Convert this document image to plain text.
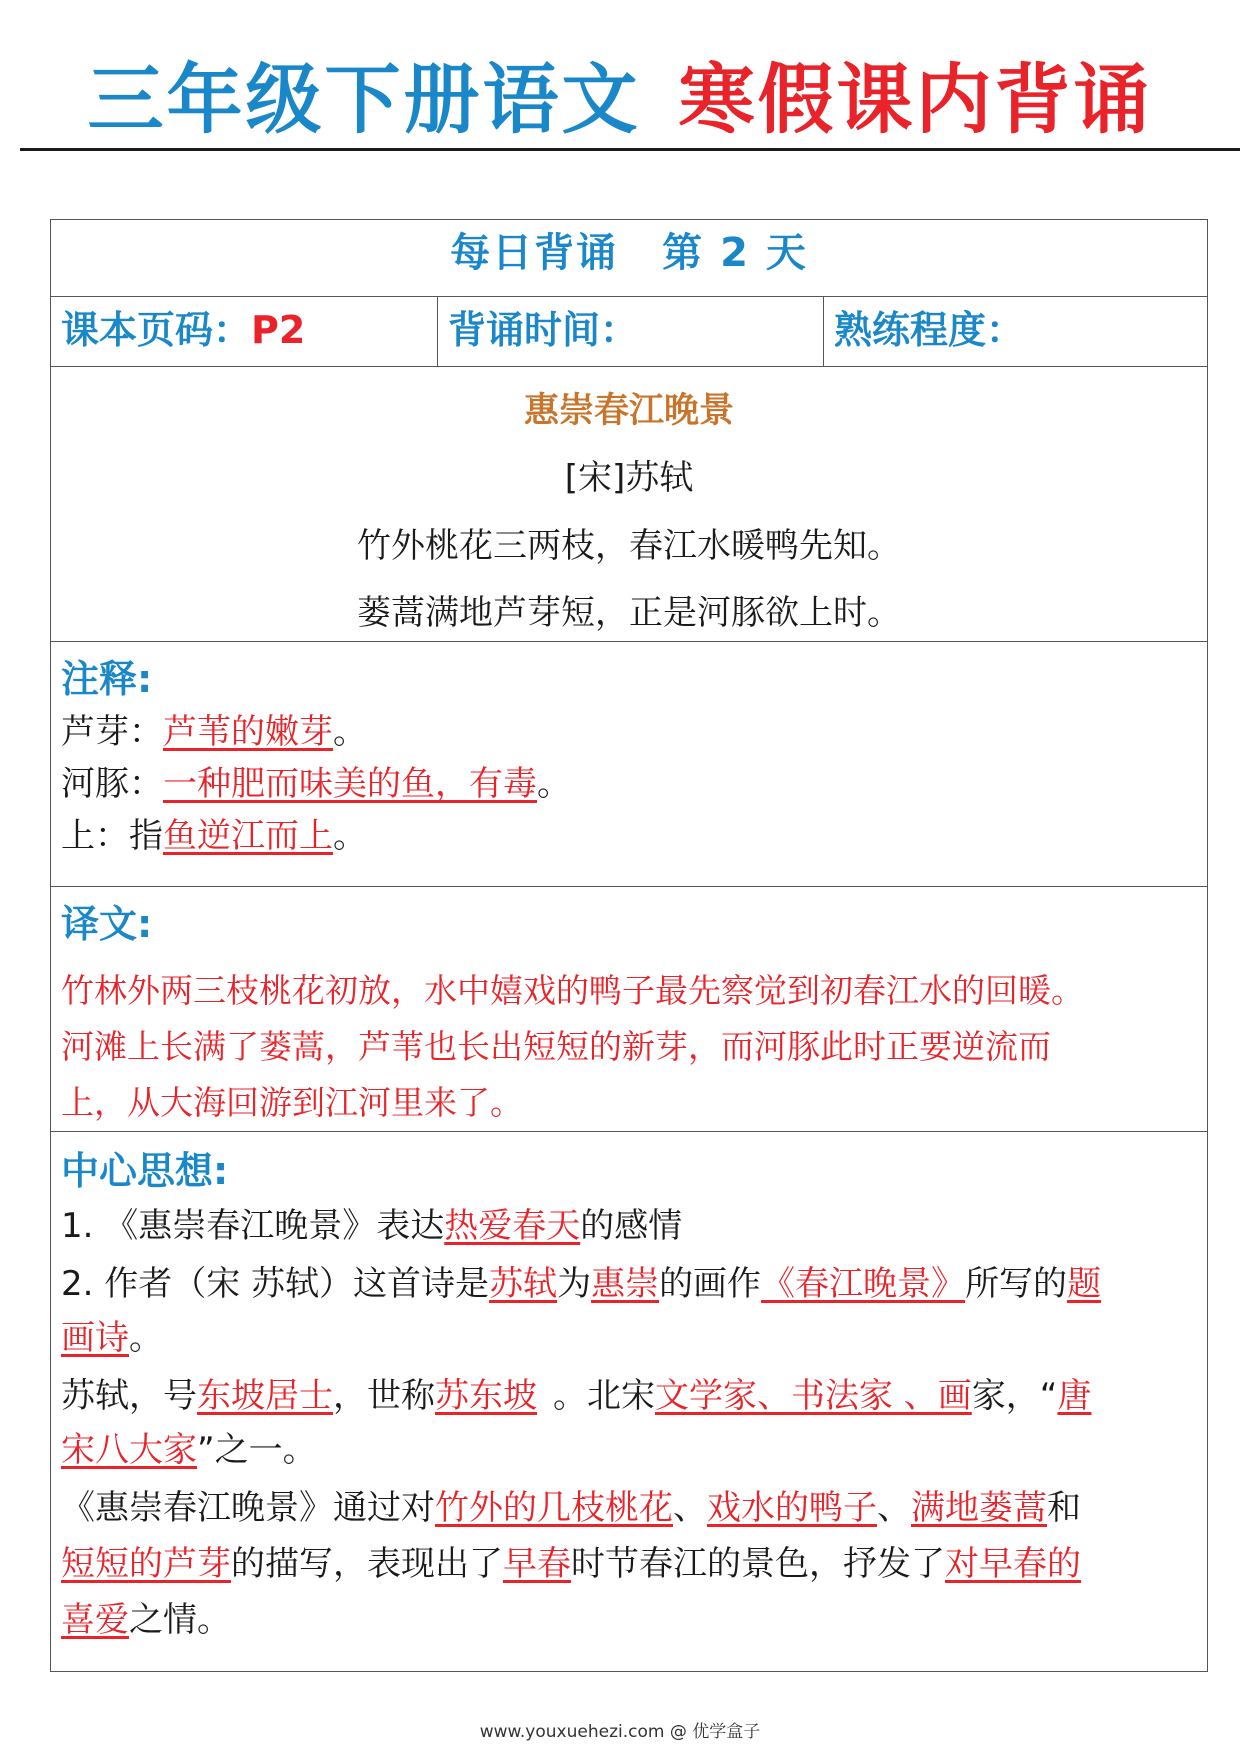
三年级下册语文 寒假课内背诵
每日背诵 第 2 天
课本页码：P2	背诵时间：	熟练程度：
惠崇春江晚景
[宋]苏轼
竹外桃花三两枝，春江水暖鸭先知。
蒌蒿满地芦芽短，正是河豚欲上时。
注释:
芦芽：芦苇的嫩芽。
河豚：一种肥而味美的鱼，有毒。
上：指鱼逆江而上。
译文:
竹林外两三枝桃花初放，水中嬉戏的鸭子最先察觉到初春江水的回暖。
河滩上长满了蒌蒿，芦苇也长出短短的新芽，而河豚此时正要逆流而
上，从大海回游到江河里来了。
中心思想:
1. 《惠崇春江晚景》表达热爱春天的感情
2. 作者（宋 苏轼）这首诗是苏轼为惠崇的画作《春江晚景》所写的题
画诗。
苏轼，号东坡居士，世称苏东坡 。北宋文学家、书法家 、画家，“唐
宋八大家”之一。
《惠崇春江晚景》通过对竹外的几枝桃花、戏水的鸭子、满地蒌蒿和
短短的芦芽的描写，表现出了早春时节春江的景色，抒发了对早春的
喜爱之情。
www.youxuehezi.com @ 优学盒子
